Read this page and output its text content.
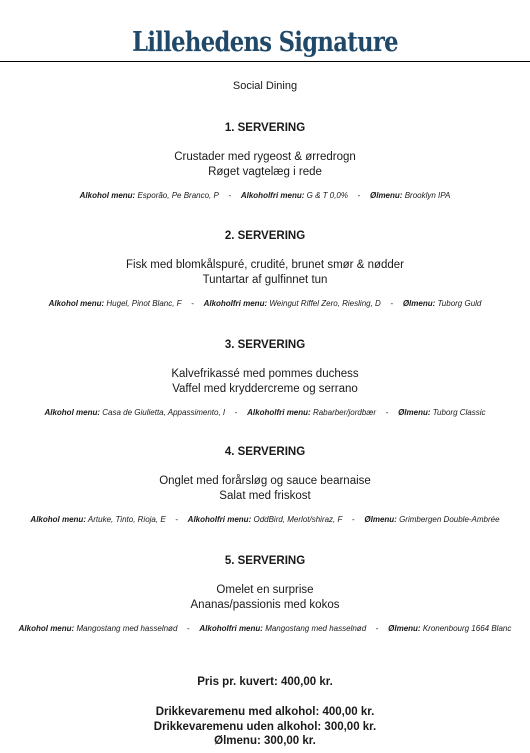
Lillehedens Signature
Social Dining
1. SERVERING
Crustader med rygeost & ørredrogn
Røget vagtelæg i rede
Alkohol menu: Esporão, Pe Branco, P - Alkoholfri menu: G & T 0,0% - Ølmenu: Brooklyn IPA
2. SERVERING
Fisk med blomkålspuré, crudité, brunet smør & nødder
Tuntartar af gulfinnet tun
Alkohol menu: Hugel, Pinot Blanc, F - Alkoholfri menu: Weingut Riffel Zero, Riesling, D - Ølmenu: Tuborg Guld
3. SERVERING
Kalvefrikassé med pommes duchess
Vaffel med kryddercreme og serrano
Alkohol menu: Casa de Giulietta, Appassimento, I - Alkoholfri menu: Rabarber/jordbær - Ølmenu: Tuborg Classic
4. SERVERING
Onglet med forårsløg og sauce bearnaise
Salat med friskost
Alkohol menu: Artuke, Tinto, Rioja, E - Alkoholfri menu: OddBird, Merlot/shiraz, F - Ølmenu: Grimbergen Double-Ambrée
5. SERVERING
Omelet en surprise
Ananas/passionis med kokos
Alkohol menu: Mangostang med hasselnød - Alkoholfri menu: Mangostang med hasselnød - Ølmenu: Kronenbourg 1664 Blanc
Pris pr. kuvert: 400,00 kr.
Drikkevaremenu med alkohol: 400,00 kr.
Drikkevaremenu uden alkohol: 300,00 kr.
Ølmenu: 300,00 kr.
